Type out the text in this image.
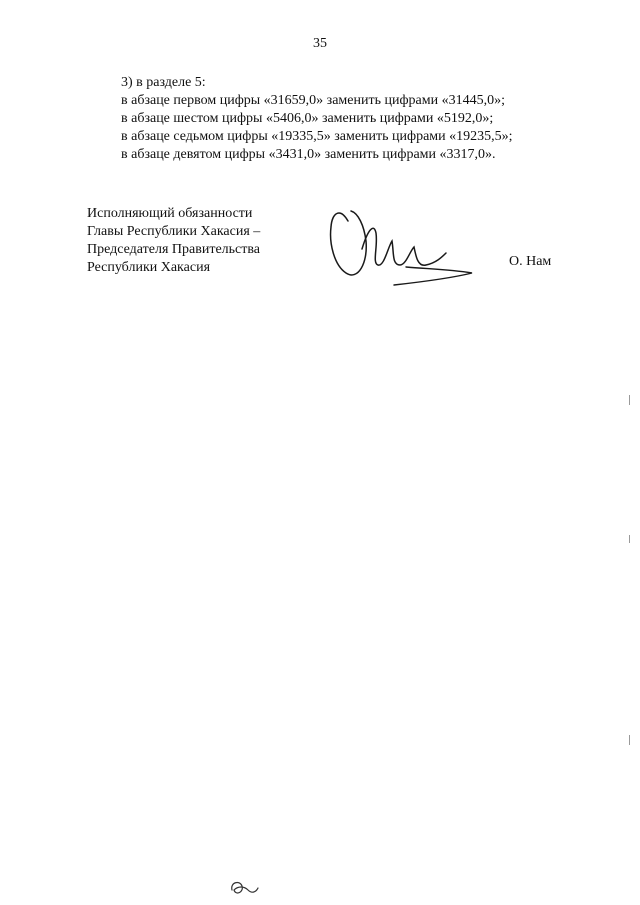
35
3) в разделе 5:
в абзаце первом цифры «31659,0» заменить цифрами «31445,0»;
в абзаце шестом цифры «5406,0» заменить цифрами «5192,0»;
в абзаце седьмом цифры «19335,5» заменить цифрами «19235,5»;
в абзаце девятом цифры «3431,0» заменить цифрами «3317,0».
Исполняющий обязанности
Главы Республики Хакасия –
Председателя Правительства
Республики Хакасия	О. Нам
